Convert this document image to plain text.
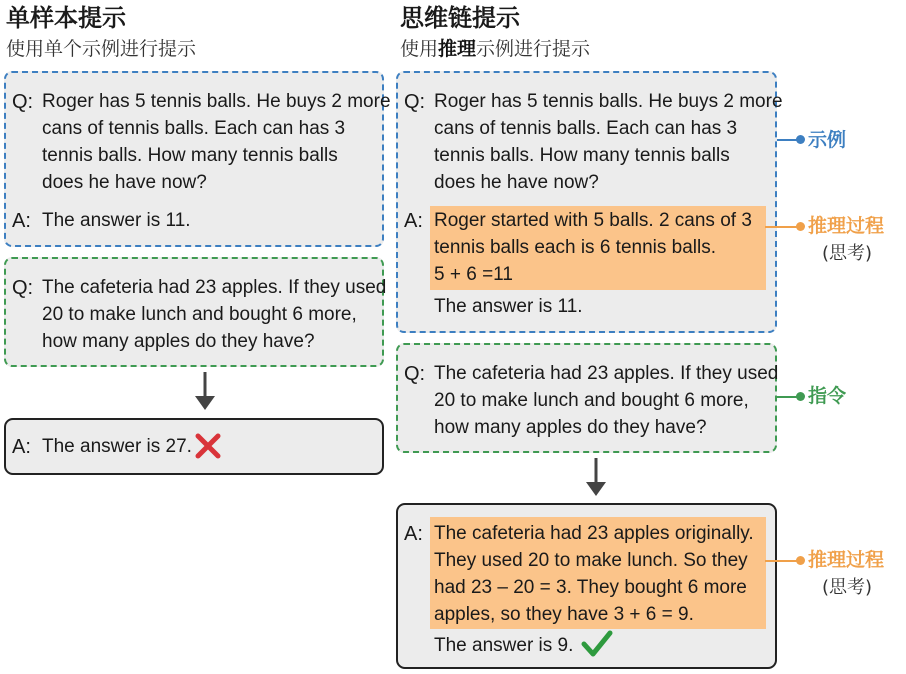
单样本提示
使用单个示例进行提示
Q: Roger has 5 tennis balls. He buys 2 more
cans of tennis balls. Each can has 3
tennis balls. How many tennis balls
does he have now?
A: The answer is 11.
Q: The cafeteria had 23 apples. If they used
20 to make lunch and bought 6 more,
how many apples do they have?
A: The answer is 27.
思维链提示
使用推理示例进行提示
Q: Roger has 5 tennis balls. He buys 2 more
cans of tennis balls. Each can has 3
tennis balls. How many tennis balls
does he have now?
A: Roger started with 5 balls. 2 cans of 3
tennis balls each is 6 tennis balls.
5 + 6 =11
The answer is 11.
Q: The cafeteria had 23 apples. If they used
20 to make lunch and bought 6 more,
how many apples do they have?
A: The cafeteria had 23 apples originally.
They used 20 to make lunch. So they
had 23 – 20 = 3. They bought 6 more
apples, so they have 3 + 6 = 9.
The answer is 9.
示例
推理过程
(思考)
指令
推理过程
(思考)
